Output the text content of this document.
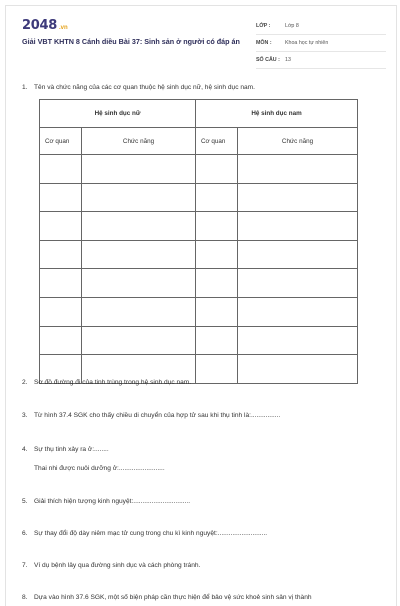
2048 .vn
Giải VBT KHTN 8 Cánh diều Bài 37: Sinh sản ở người có đáp án
LỚP :	Lớp 8
MÔN :	Khoa học tự nhiên
SỐ CÂU : 13
1. Tên và chức năng của các cơ quan thuộc hệ sinh dục nữ, hệ sinh dục nam.
Hệ sinh dục nữ		Hệ sinh dục nam	
Cơ quan	Chức năng	Cơ quan	Chức năng

2. Sơ đồ đường đi của tinh trùng trong hệ sinh dục nam.
3. Từ hình 37.4 SGK cho thấy chiều di chuyển của hợp tử sau khi thụ tinh là:................
4. Sự thụ tinh xảy ra ở:........
Thai nhi được nuôi dưỡng ở:.........................
5. Giải thích hiện tượng kinh nguyệt:...............................
6. Sự thay đổi độ dày niêm mạc tử cung trong chu kì kinh nguyệt:...........................
7. Ví dụ bệnh lây qua đường sinh dục và cách phòng tránh.
8. Dựa vào hình 37.6 SGK, một số biện pháp cần thực hiện để bảo vệ sức khoẻ sinh sản vị thành
